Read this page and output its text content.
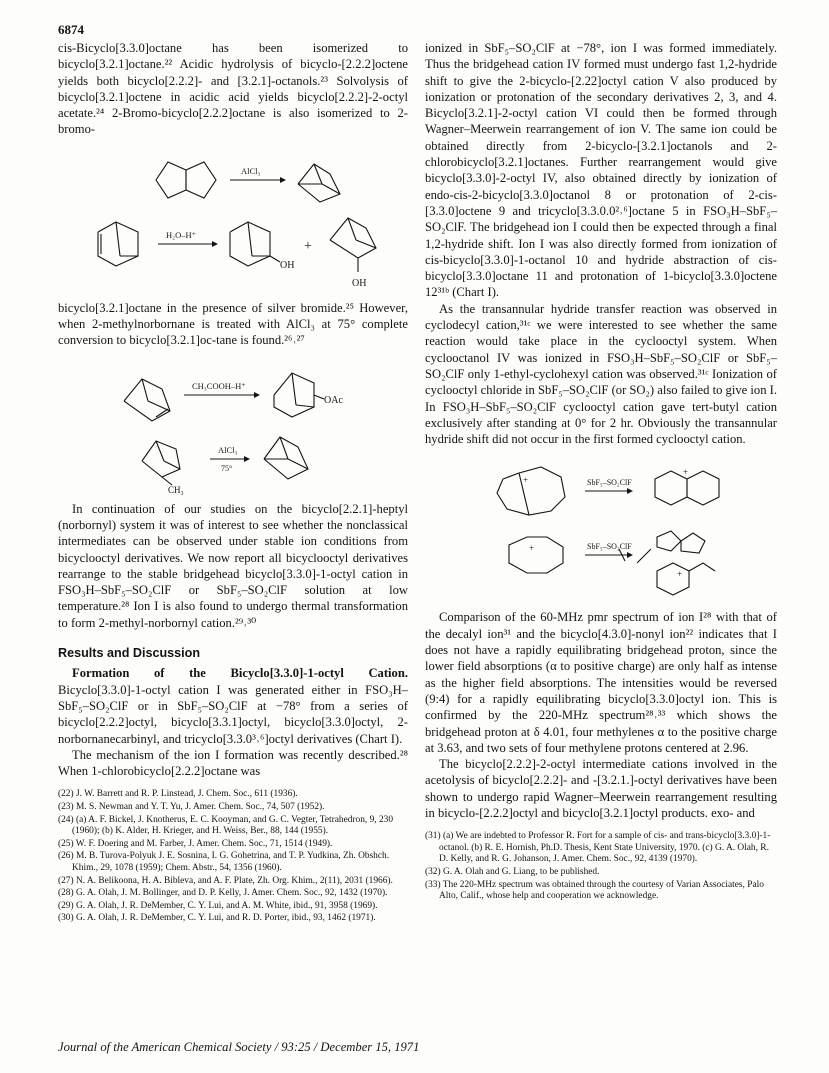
6874

cis-Bicyclo[3.3.0]octane has been isomerized to bicyclo[3.2.1]octane.²² Acidic hydrolysis of bicyclo-[2.2.2]octene yields both bicyclo[2.2.2]- and [3.2.1]-octanols.²³ Solvolysis of bicyclo[3.2.1]octene in acidic acid yields bicyclo[2.2.2]-2-octyl acetate.²⁴ 2-Bromo-bicyclo[2.2.2]octane is also isomerized to 2-bromo-

AlCl₃
H₂O–H⁺
OH
+
OH

bicyclo[3.2.1]octane in the presence of silver bromide.²⁵ However, when 2-methylnorbornane is treated with AlCl₃ at 75° complete conversion to bicyclo[3.2.1]oc-tane is found.²⁶˒²⁷

CH₃COOH–H⁺
OAc
CH₃
AlCl₃
75°

In continuation of our studies on the bicyclo[2.2.1]-heptyl (norbornyl) system it was of interest to see whether the nonclassical intermediates can be observed under stable ion conditions from bicyclooctyl derivatives. We now report all bicyclooctyl derivatives rearrange to the stable bridgehead bicyclo[3.3.0]-1-octyl cation in FSO₃H–SbF₅–SO₂ClF or SbF₅–SO₂ClF solution at low temperature.²⁸ Ion I is also found to undergo thermal transformation to form 2-methyl-norbornyl cation.²⁹˒³⁰

Results and Discussion

Formation of the Bicyclo[3.3.0]-1-octyl Cation. Bicyclo[3.3.0]-1-octyl cation I was generated either in FSO₃H–SbF₅–SO₂ClF or in SbF₅–SO₂ClF at −78° from a series of bicyclo[2.2.2]octyl, bicyclo[3.3.1]octyl, bicyclo[3.3.0]octyl, 2-norbornanecarbinyl, and tricyclo[3.3.0³˒⁶]octyl derivatives (Chart I).

The mechanism of the ion I formation was recently described.²⁸ When 1-chlorobicyclo[2.2.2]octane was

(22) J. W. Barrett and R. P. Linstead, J. Chem. Soc., 611 (1936).
(23) M. S. Newman and Y. T. Yu, J. Amer. Chem. Soc., 74, 507 (1952).
(24) (a) A. F. Bickel, J. Knotherus, E. C. Kooyman, and G. C. Vegter, Tetrahedron, 9, 230 (1960); (b) K. Alder, H. Krieger, and H. Weiss, Ber., 88, 144 (1955).
(25) W. F. Doering and M. Farber, J. Amer. Chem. Soc., 71, 1514 (1949).
(26) M. B. Turova-Polyuk J. E. Sosnina, I. G. Gohetrina, and T. P. Yudkina, Zh. Obshch. Khim., 29, 1078 (1959); Chem. Abstr., 54, 1356 (1960).
(27) N. A. Belikoona, H. A. Bibleva, and A. F. Plate, Zh. Org. Khim., 2(11), 2031 (1966).
(28) G. A. Olah, J. M. Bollinger, and D. P. Kelly, J. Amer. Chem. Soc., 92, 1432 (1970).
(29) G. A. Olah, J. R. DeMember, C. Y. Lui, and A. M. White, ibid., 91, 3958 (1969).
(30) G. A. Olah, J. R. DeMember, C. Y. Lui, and R. D. Porter, ibid., 93, 1462 (1971).

ionized in SbF₅–SO₂ClF at −78°, ion I was formed immediately. Thus the bridgehead cation IV formed must undergo fast 1,2-hydride shift to give the 2-bicyclo-[2.22]octyl cation V also produced by ionization or protonation of the secondary derivatives 2, 3, and 4. Bicyclo[3.2.1]-2-octyl cation VI could then be formed through Wagner–Meerwein rearrangement of ion V. The same ion could be obtained directly from 2-bicyclo-[3.2.1]octanols and 2-chlorobicyclo[3.2.1]octanes. Further rearrangement would give bicyclo[3.3.0]-2-octyl IV, also obtained directly by ionization of endo-cis-2-bicyclo[3.3.0]octanol 8 or protonation of 2-cis-[3.3.0]octene 9 and tricyclo[3.3.0.0²˒⁶]octane 5 in FSO₃H–SbF₅–SO₂ClF. The bridgehead ion I could then be expected through a final 1,2-hydride shift. Ion I was also directly formed from ionization of cis-bicyclo[3.3.0]-1-octanol 10 and hydride abstraction of cis-bicyclo[3.3.0]octane 11 and protonation of 1-bicyclo[3.3.0]octene 12³¹ᵇ (Chart I).

As the transannular hydride transfer reaction was observed in cyclodecyl cation,³¹ᶜ we were interested to see whether the same reaction would take place in the cyclooctyl system. When cyclooctanol IV was ionized in FSO₃H–SbF₅–SO₂ClF or SbF₅–SO₂ClF only 1-ethyl-cyclohexyl cation was observed.³¹ᶜ Ionization of cyclooctyl chloride in SbF₅–SO₂ClF (or SO₂) also failed to give ion I. In FSO₃H–SbF₅–SO₂ClF cyclooctyl cation gave tert-butyl cation exclusively after standing at 0° for 2 hr. Obviously the transannular hydride shift did not occur in the first formed cyclooctyl cation.

+	SbF₅–SO₂ClF
+
+	SbF₅–SO₂ClF
+

Comparison of the 60-MHz pmr spectrum of ion I²⁸ with that of the decalyl ion³¹ and the bicyclo[4.3.0]-nonyl ion²² indicates that I does not have a rapidly equilibrating bridgehead proton, since the lower field absorptions (α to positive charge) are only half as intense as the higher field absorptions. The intensities would be reversed (9:4) for a rapidly equilibrating bicyclo[3.3.0]octyl ion. This is confirmed by the 220-MHz spectrum²⁸˒³³ which shows the bridgehead proton at δ 4.01, four methylenes α to the positive charge at 3.63, and two sets of four methylene protons centered at 2.96.

The bicyclo[2.2.2]-2-octyl intermediate cations involved in the acetolysis of bicyclo[2.2.2]- and -[3.2.1.]-octyl derivatives have been shown to undergo rapid Wagner–Meerwein rearrangement resulting in bicyclo-[2.2.2]octyl and bicyclo[3.2.1]octyl products. exo- and

(31) (a) We are indebted to Professor R. Fort for a sample of cis- and trans-bicyclo[3.3.0]-1-octanol. (b) R. E. Hornish, Ph.D. Thesis, Kent State University, 1970. (c) G. A. Olah, R. D. Kelly, and R. G. Johanson, J. Amer. Chem. Soc., 92, 4139 (1970).
(32) G. A. Olah and G. Liang, to be published.
(33) The 220-MHz spectrum was obtained through the courtesy of Varian Associates, Palo Alto, Calif., whose help and cooperation we acknowledge.
Journal of the American Chemical Society / 93:25 / December 15, 1971
